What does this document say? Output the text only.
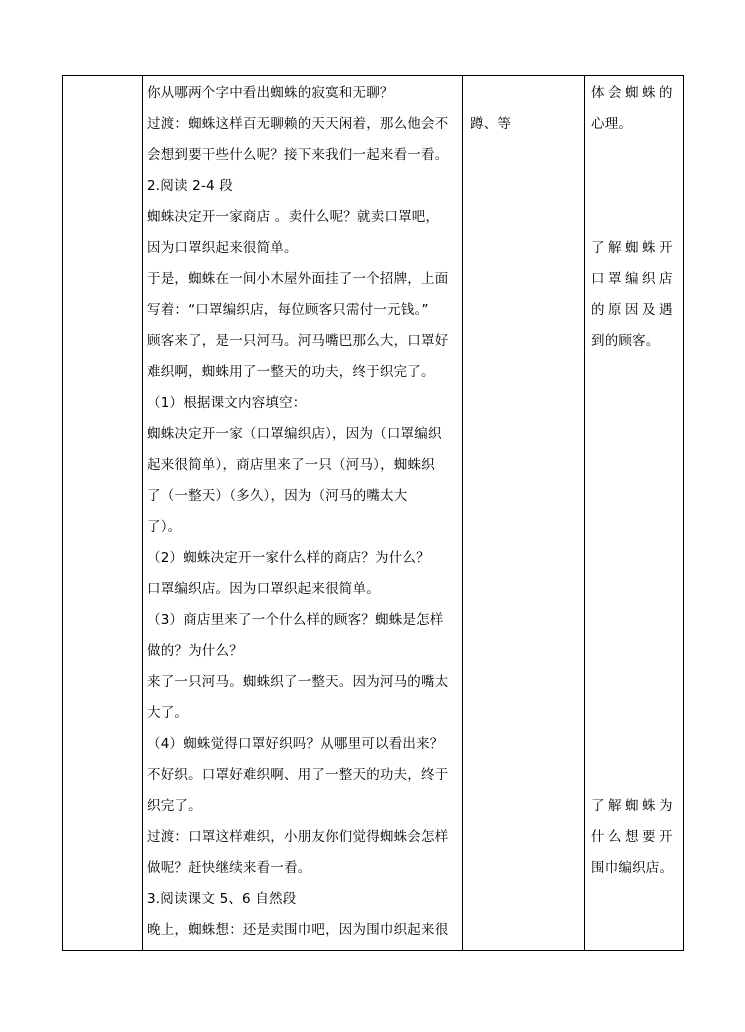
你从哪两个字中看出蜘蛛的寂寞和无聊？
过渡：蜘蛛这样百无聊赖的天天闲着，那么他会不
会想到要干些什么呢？接下来我们一起来看一看。
2.阅读 2-4 段
蜘蛛决定开一家商店 。卖什么呢？就卖口罩吧，
因为口罩织起来很简单。
于是，蜘蛛在一间小木屋外面挂了一个招牌，上面
写着：“口罩编织店，每位顾客只需付一元钱。”
顾客来了，是一只河马。河马嘴巴那么大，口罩好
难织啊，蜘蛛用了一整天的功夫，终于织完了。
（1）根据课文内容填空：
蜘蛛决定开一家（口罩编织店），因为（口罩编织
起来很简单），商店里来了一只（河马），蜘蛛织
了（一整天）（多久），因为（河马的嘴太大
了）。
（2）蜘蛛决定开一家什么样的商店？为什么？
口罩编织店。因为口罩织起来很简单。
（3）商店里来了一个什么样的顾客？蜘蛛是怎样
做的？为什么？
来了一只河马。蜘蛛织了一整天。因为河马的嘴太
大了。
（4）蜘蛛觉得口罩好织吗？从哪里可以看出来？
不好织。口罩好难织啊、用了一整天的功夫，终于
织完了。
过渡：口罩这样难织，小朋友你们觉得蜘蛛会怎样
做呢？赶快继续来看一看。
3.阅读课文 5、6 自然段
晚上，蜘蛛想：还是卖围巾吧，因为围巾织起来很
蹲、等
体会蜘蛛的
心理。
了解蜘蛛开
口罩编织店
的原因及遇
到的顾客。
了解蜘蛛为
什么想要开
围巾编织店。
